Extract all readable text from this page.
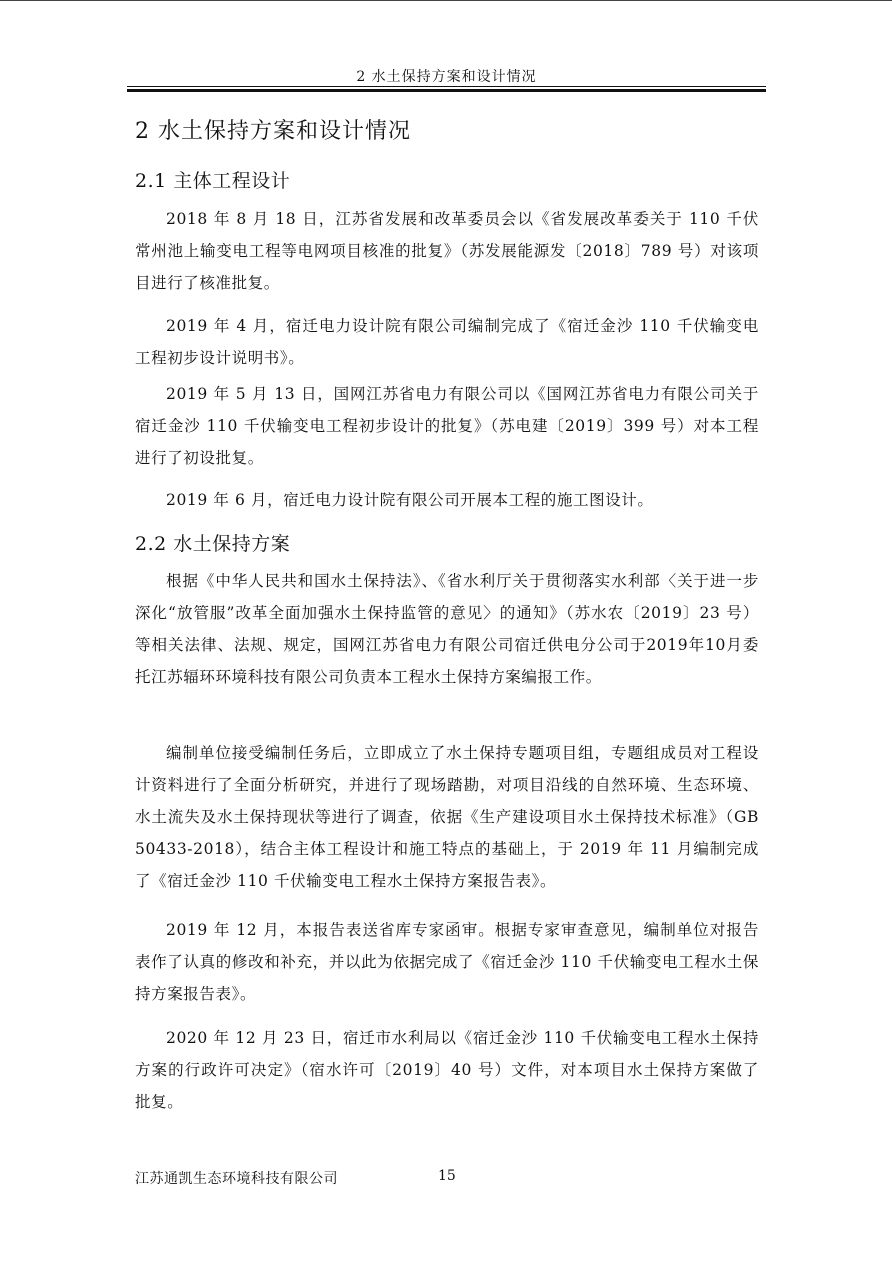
2 水土保持方案和设计情况
2 水土保持方案和设计情况
2.1 主体工程设计

2018 年 8 月 18 日，江苏省发展和改革委员会以《省发展改革委关于 110 千伏常州池上输变电工程等电网项目核准的批复》（苏发展能源发〔2018〕789 号）对该项目进行了核准批复。

2019 年 4 月，宿迁电力设计院有限公司编制完成了《宿迁金沙 110 千伏输变电工程初步设计说明书》。

2019 年 5 月 13 日，国网江苏省电力有限公司以《国网江苏省电力有限公司关于宿迁金沙 110 千伏输变电工程初步设计的批复》（苏电建〔2019〕399 号）对本工程进行了初设批复。

2019 年 6 月，宿迁电力设计院有限公司开展本工程的施工图设计。

2.2 水土保持方案

根据《中华人民共和国水土保持法》、《省水利厅关于贯彻落实水利部〈关于进一步深化“放管服”改革全面加强水土保持监管的意见〉的通知》（苏水农〔2019〕23 号）等相关法律、法规、规定，国网江苏省电力有限公司宿迁供电分公司于2019年10月委托江苏辐环环境科技有限公司负责本工程水土保持方案编报工作。

编制单位接受编制任务后，立即成立了水土保持专题项目组，专题组成员对工程设计资料进行了全面分析研究，并进行了现场踏勘，对项目沿线的自然环境、生态环境、水土流失及水土保持现状等进行了调查，依据《生产建设项目水土保持技术标准》（GB 50433-2018），结合主体工程设计和施工特点的基础上，于 2019 年 11 月编制完成了《宿迁金沙 110 千伏输变电工程水土保持方案报告表》。

2019 年 12 月，本报告表送省库专家函审。根据专家审查意见，编制单位对报告表作了认真的修改和补充，并以此为依据完成了《宿迁金沙 110 千伏输变电工程水土保持方案报告表》。

2020 年 12 月 23 日，宿迁市水利局以《宿迁金沙 110 千伏输变电工程水土保持方案的行政许可决定》（宿水许可〔2019〕40 号）文件，对本项目水土保持方案做了批复。

江苏通凯生态环境科技有限公司	15
